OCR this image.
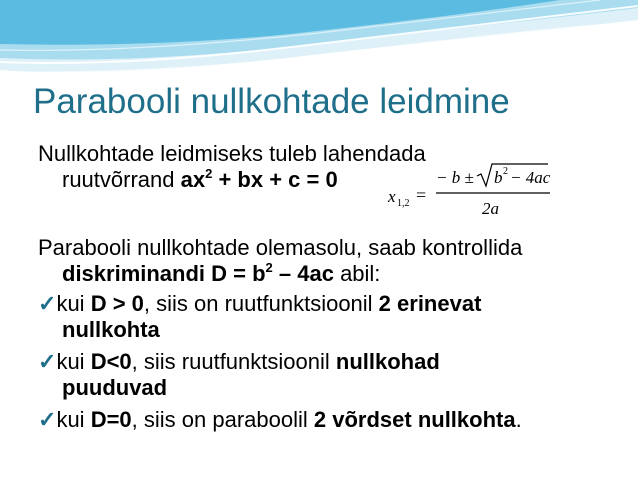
Parabooli nullkohtade leidmine
Nullkohtade leidmiseks tuleb lahendada
ruutvõrrand $ax^2$ + bx + c = 0
x 1,2 =
− b ± b 2 − 4ac
2a
Parabooli nullkohtade olemasolu, saab kontrollida
diskriminandi $D = b^2 - 4ac$ abil:
✓kui D > 0, siis on ruutfunktsioonil 2 erinevat
nullkohta
✓kui D<0, siis ruutfunktsioonil nullkohad
puuduvad
✓kui D=0, siis on paraboolil 2 võrdset nullkohta.
